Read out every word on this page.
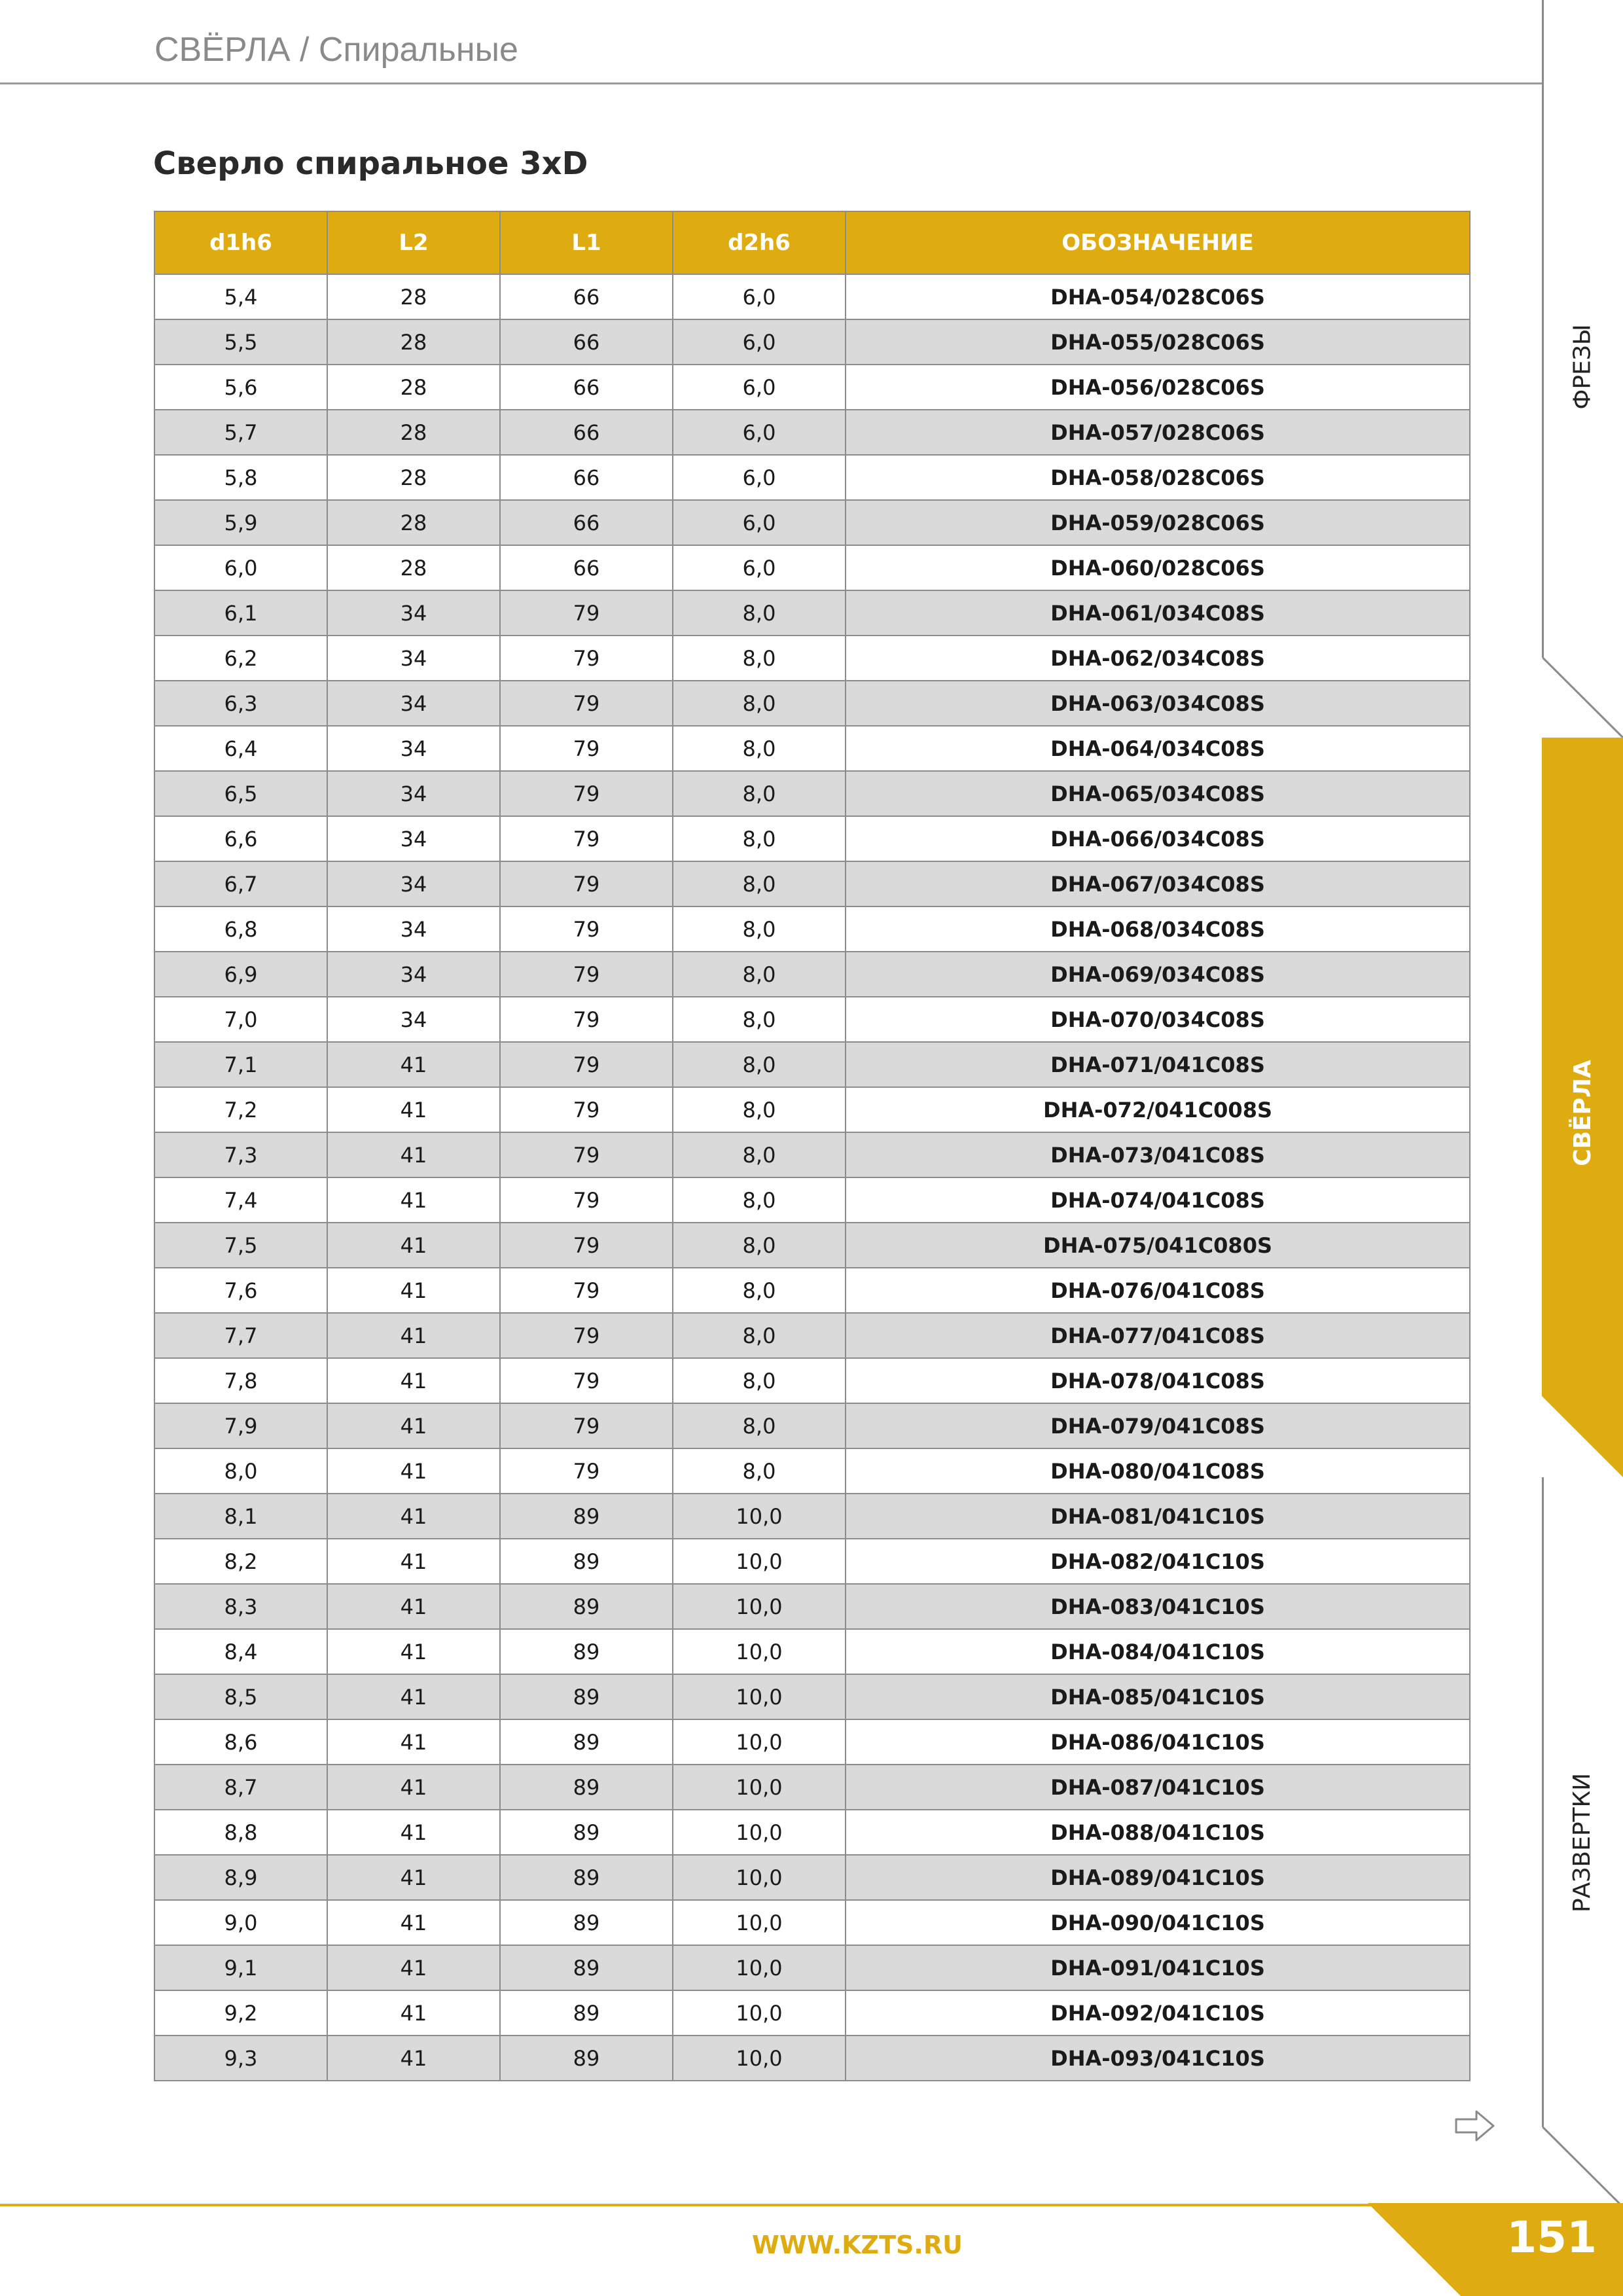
СВЁРЛА / Спиральные
Сверло спиральное 3xD
d1h6	L2	L1	d2h6	ОБОЗНАЧЕНИЕ
5,4	28	66	6,0	DHA-054/028C06S
5,5	28	66	6,0	DHA-055/028C06S
5,6	28	66	6,0	DHA-056/028C06S
5,7	28	66	6,0	DHA-057/028C06S
5,8	28	66	6,0	DHA-058/028C06S
5,9	28	66	6,0	DHA-059/028C06S
6,0	28	66	6,0	DHA-060/028C06S
6,1	34	79	8,0	DHA-061/034C08S
6,2	34	79	8,0	DHA-062/034C08S
6,3	34	79	8,0	DHA-063/034C08S
6,4	34	79	8,0	DHA-064/034C08S
6,5	34	79	8,0	DHA-065/034C08S
6,6	34	79	8,0	DHA-066/034C08S
6,7	34	79	8,0	DHA-067/034C08S
6,8	34	79	8,0	DHA-068/034C08S
6,9	34	79	8,0	DHA-069/034C08S
7,0	34	79	8,0	DHA-070/034C08S
7,1	41	79	8,0	DHA-071/041C08S
7,2	41	79	8,0	DHA-072/041C008S
7,3	41	79	8,0	DHA-073/041C08S
7,4	41	79	8,0	DHA-074/041C08S
7,5	41	79	8,0	DHA-075/041C080S
7,6	41	79	8,0	DHA-076/041C08S
7,7	41	79	8,0	DHA-077/041C08S
7,8	41	79	8,0	DHA-078/041C08S
7,9	41	79	8,0	DHA-079/041C08S
8,0	41	79	8,0	DHA-080/041C08S
8,1	41	89	10,0	DHA-081/041C10S
8,2	41	89	10,0	DHA-082/041C10S
8,3	41	89	10,0	DHA-083/041C10S
8,4	41	89	10,0	DHA-084/041C10S
8,5	41	89	10,0	DHA-085/041C10S
8,6	41	89	10,0	DHA-086/041C10S
8,7	41	89	10,0	DHA-087/041C10S
8,8	41	89	10,0	DHA-088/041C10S
8,9	41	89	10,0	DHA-089/041C10S
9,0	41	89	10,0	DHA-090/041C10S
9,1	41	89	10,0	DHA-091/041C10S
9,2	41	89	10,0	DHA-092/041C10S
9,3	41	89	10,0	DHA-093/041C10S
ФРЕЗЫ
СВЁРЛА
РАЗВЕРТКИ
WWW.KZTS.RU	151
